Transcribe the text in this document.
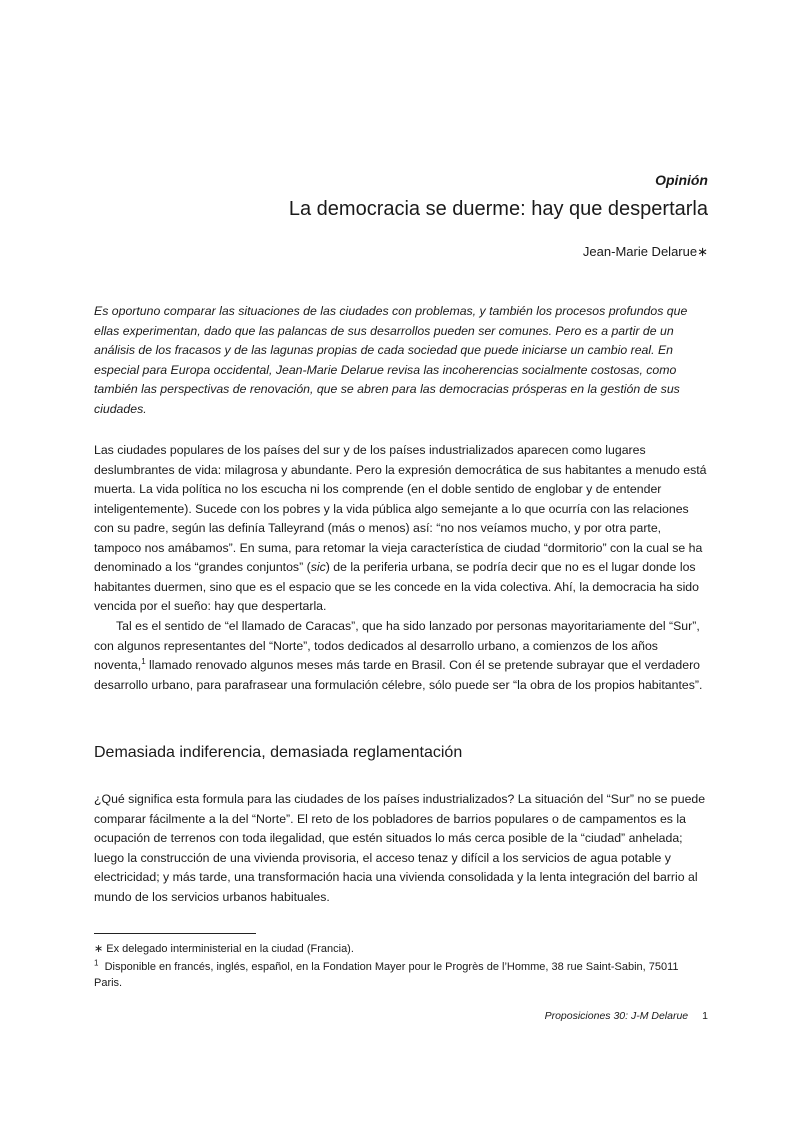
Opinión
La democracia se duerme: hay que despertarla
Jean-Marie Delarue∗

Es oportuno comparar las situaciones de las ciudades con problemas, y también los procesos profundos que ellas experimentan, dado que las palancas de sus desarrollos pueden ser comunes. Pero es a partir de un análisis de los fracasos y de las lagunas propias de cada sociedad que puede iniciarse un cambio real. En especial para Europa occidental, Jean-Marie Delarue revisa las incoherencias socialmente costosas, como también las perspectivas de renovación, que se abren para las democracias prósperas en la gestión de sus ciudades.

Las ciudades populares de los países del sur y de los países industrializados aparecen como lugares deslumbrantes de vida: milagrosa y abundante. Pero la expresión democrática de sus habitantes a menudo está muerta. La vida política no los escucha ni los comprende (en el doble sentido de englobar y de entender inteligentemente). Sucede con los pobres y la vida pública algo semejante a lo que ocurría con las relaciones con su padre, según las definía Talleyrand (más o menos) así: “no nos veíamos mucho, y por otra parte, tampoco nos amábamos”. En suma, para retomar la vieja característica de ciudad “dormitorio” con la cual se ha denominado a los “grandes conjuntos” (sic) de la periferia urbana, se podría decir que no es el lugar donde los habitantes duermen, sino que es el espacio que se les concede en la vida colectiva. Ahí, la democracia ha sido vencida por el sueño: hay que despertarla.

Tal es el sentido de “el llamado de Caracas”, que ha sido lanzado por personas mayoritariamente del “Sur”, con algunos representantes del “Norte”, todos dedicados al desarrollo urbano, a comienzos de los años noventa,$^1$ llamado renovado algunos meses más tarde en Brasil. Con él se pretende subrayar que el verdadero desarrollo urbano, para parafrasear una formulación célebre, sólo puede ser “la obra de los propios habitantes”.

Demasiada indiferencia, demasiada reglamentación

¿Qué significa esta formula para las ciudades de los países industrializados? La situación del “Sur” no se puede comparar fácilmente a la del “Norte”. El reto de los pobladores de barrios populares o de campamentos es la ocupación de terrenos con toda ilegalidad, que estén situados lo más cerca posible de la “ciudad” anhelada; luego la construcción de una vivienda provisoria, el acceso tenaz y difícil a los servicios de agua potable y electricidad; y más tarde, una transformación hacia una vivienda consolidada y la lenta integración del barrio al mundo de los servicios urbanos habituales.

∗ Ex delegado interministerial en la ciudad (Francia).

$^1$ Disponible en francés, inglés, español, en la Fondation Mayer pour le Progrès de l’Homme, 38 rue Saint-Sabin, 75011 Paris.

Proposiciones 30: J-M Delarue 1
